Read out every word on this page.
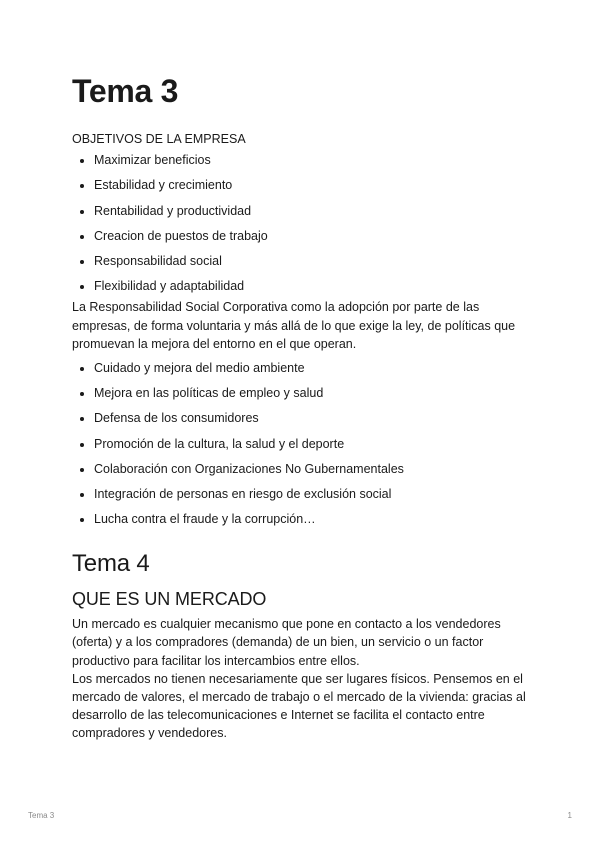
Tema 3

OBJETIVOS DE LA EMPRESA

• Maximizar beneficios
• Estabilidad y crecimiento
• Rentabilidad y productividad
• Creacion de puestos de trabajo
• Responsabilidad social
• Flexibilidad y adaptabilidad

La Responsabilidad Social Corporativa como la adopción por parte de las empresas, de forma voluntaria y más allá de lo que exige la ley, de políticas que promuevan la mejora del entorno en el que operan.

• Cuidado y mejora del medio ambiente
• Mejora en las políticas de empleo y salud
• Defensa de los consumidores
• Promoción de la cultura, la salud y el deporte
• Colaboración con Organizaciones No Gubernamentales
• Integración de personas en riesgo de exclusión social
• Lucha contra el fraude y la corrupción…
Tema 4
QUE ES UN MERCADO

Un mercado es cualquier mecanismo que pone en contacto a los vendedores (oferta) y a los compradores (demanda) de un bien, un servicio o un factor productivo para facilitar los intercambios entre ellos.

Los mercados no tienen necesariamente que ser lugares físicos. Pensemos en el mercado de valores, el mercado de trabajo o el mercado de la vivienda: gracias al desarrollo de las telecomunicaciones e Internet se facilita el contacto entre compradores y vendedores.

Tema 3	1
